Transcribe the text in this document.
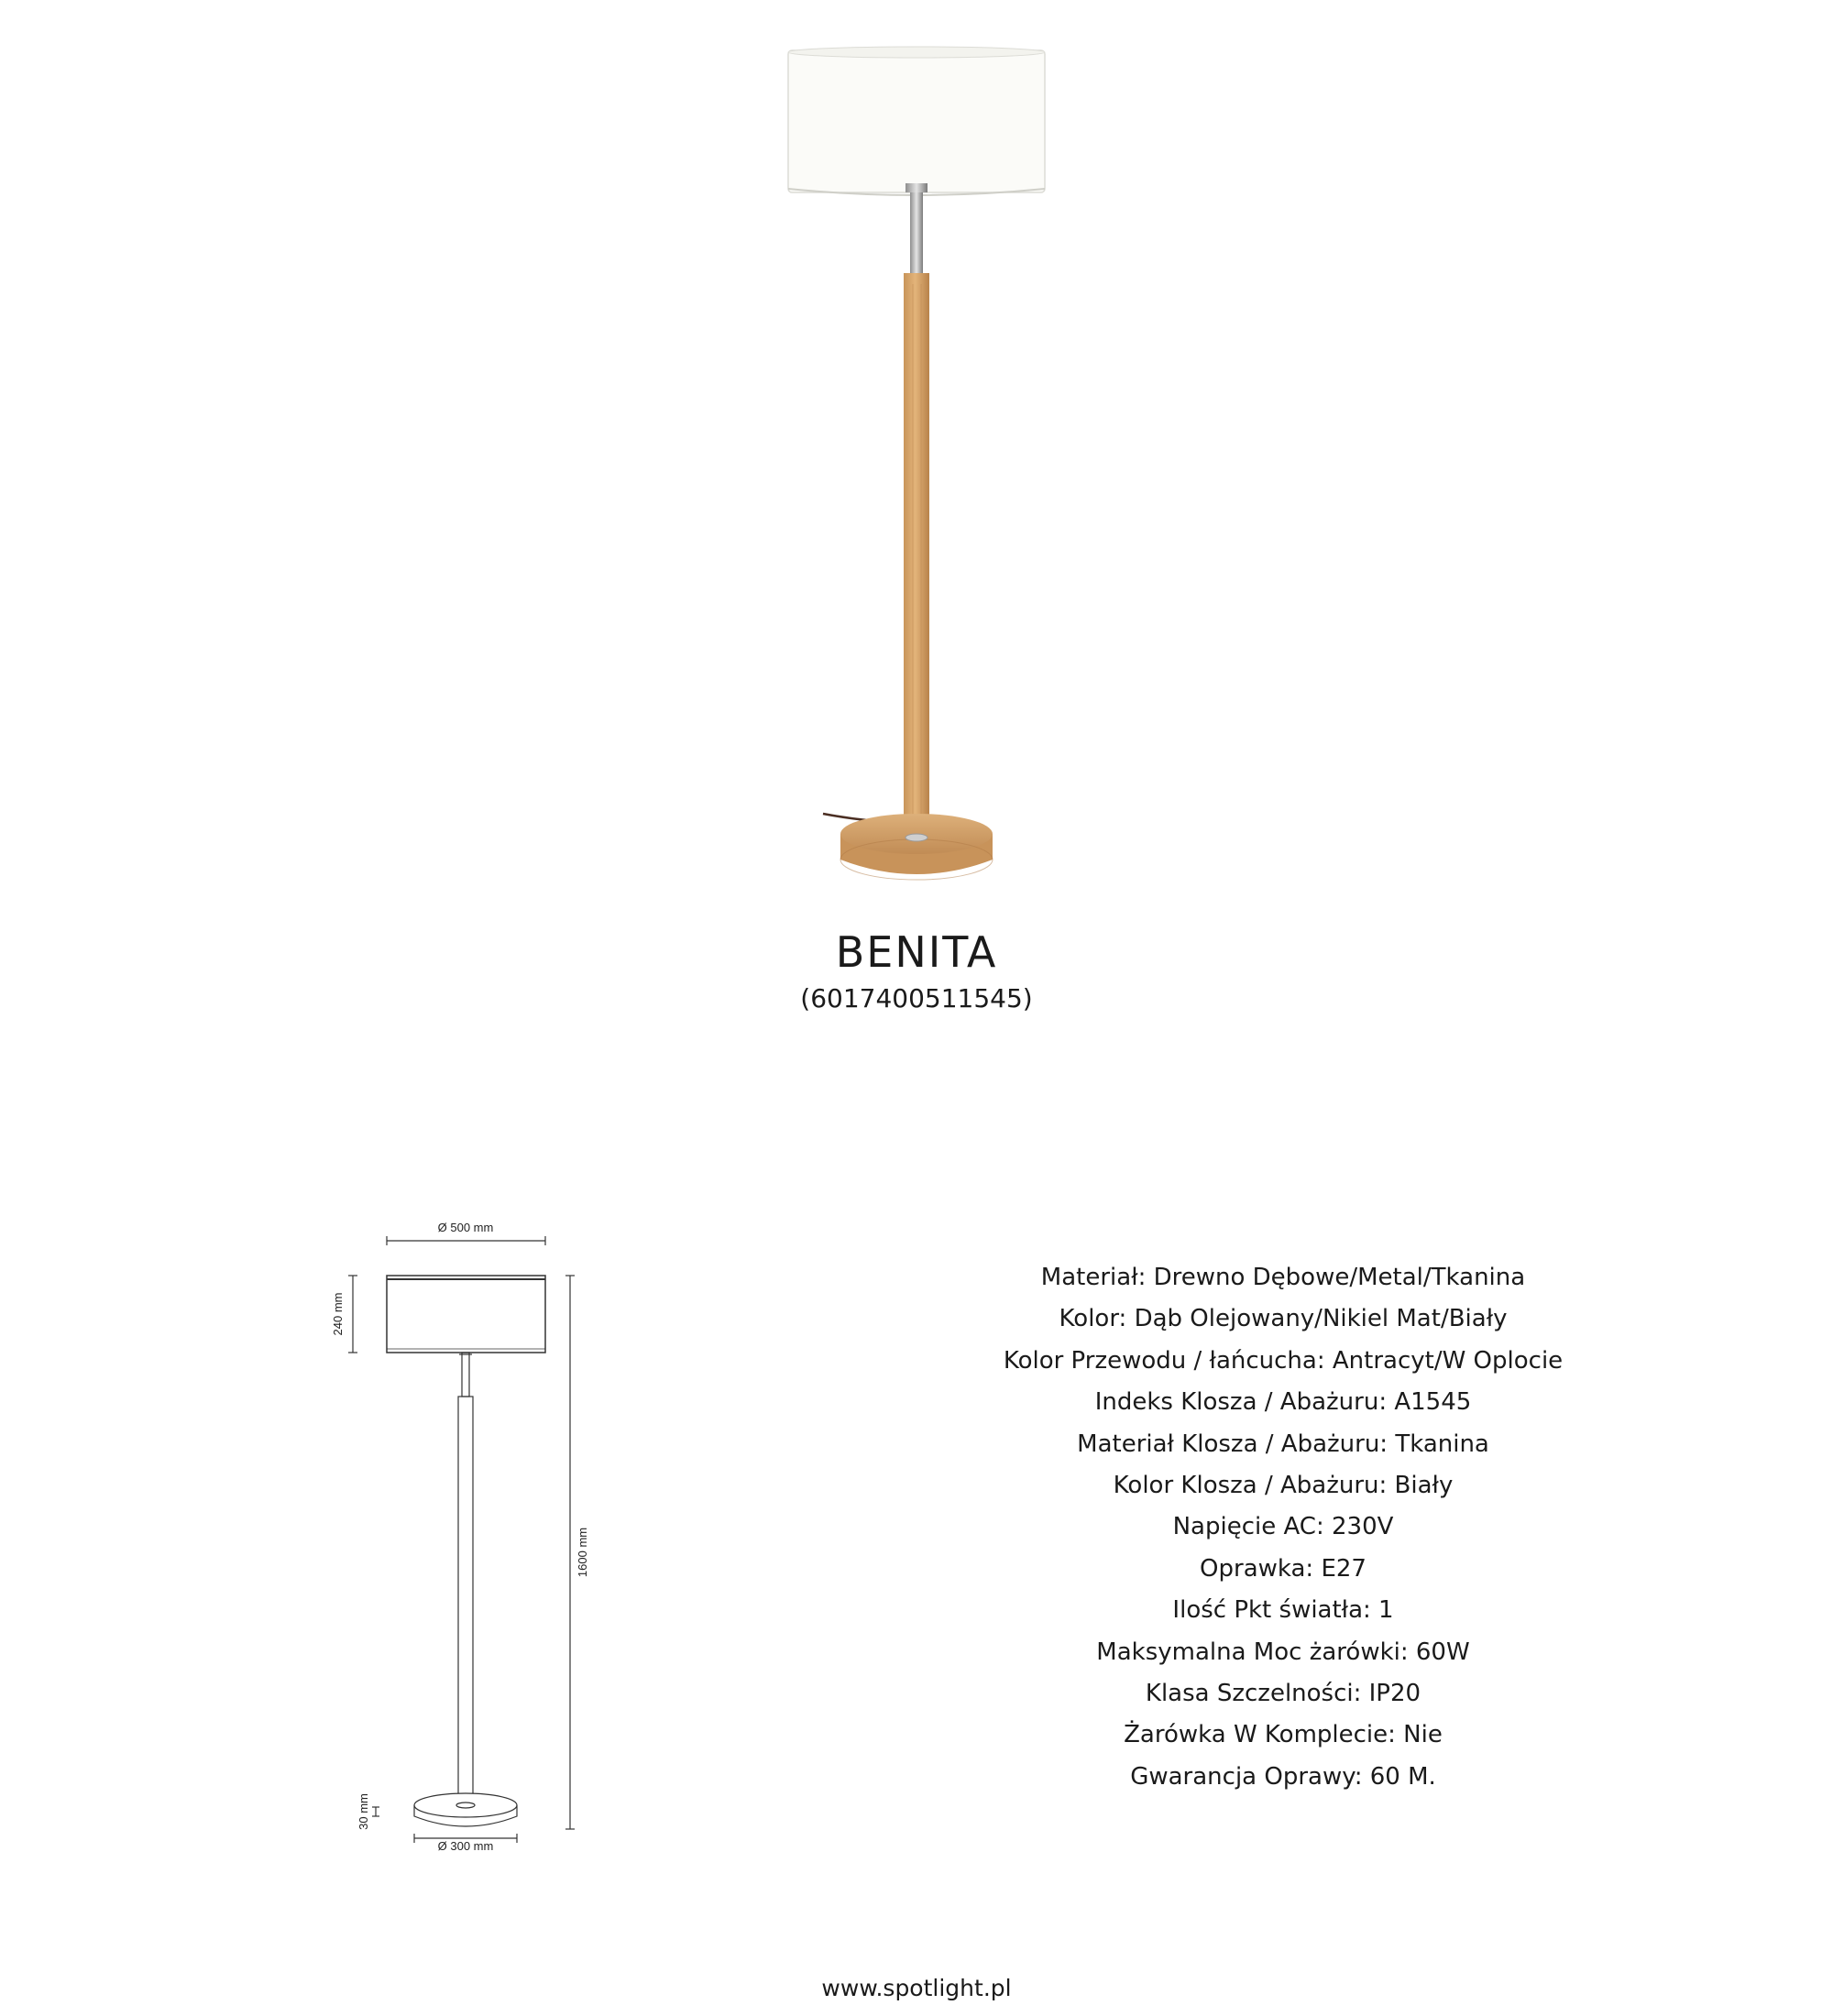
BENITA
(6017400511545)
Ø 500 mm
240 mm
1600 mm
30 mm
Ø 300 mm
Materiał: Drewno Dębowe/Metal/Tkanina
Kolor: Dąb Olejowany/Nikiel Mat/Biały
Kolor Przewodu / łańcucha: Antracyt/W Oplocie
Indeks Klosza / Abażuru: A1545
Materiał Klosza / Abażuru: Tkanina
Kolor Klosza / Abażuru: Biały
Napięcie AC: 230V
Oprawka: E27
Ilość Pkt światła: 1
Maksymalna Moc żarówki: 60W
Klasa Szczelności: IP20
Żarówka W Komplecie: Nie
Gwarancja Oprawy: 60 M.
www.spotlight.pl
